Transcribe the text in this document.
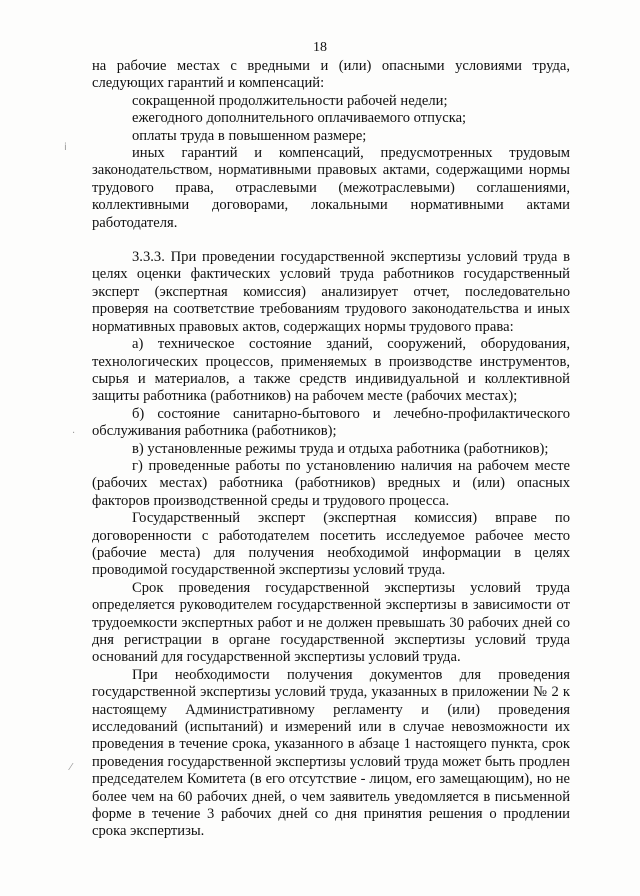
18
ⅰ
·
⁄

на рабочие местах с вредными и (или) опасными условиями труда, следующих гарантий и компенсаций:

сокращенной продолжительности рабочей недели;

ежегодного дополнительного оплачиваемого отпуска;

оплаты труда в повышенном размере;

иных гарантий и компенсаций, предусмотренных трудовым законодательством, нормативными правовых актами, содержащими нормы трудового права, отраслевыми (межотраслевыми) соглашениями, коллективными договорами, локальными нормативными актами работодателя.

3.3.3. При проведении государственной экспертизы условий труда в целях оценки фактических условий труда работников государственный эксперт (экспертная комиссия) анализирует отчет, последовательно проверяя на соответствие требованиям трудового законодательства и иных нормативных правовых актов, содержащих нормы трудового права:

а) техническое состояние зданий, сооружений, оборудования, технологических процессов, применяемых в производстве инструментов, сырья и материалов, а также средств индивидуальной и коллективной защиты работника (работников) на рабочем месте (рабочих местах);

б) состояние санитарно-бытового и лечебно-профилактического обслуживания работника (работников);

в) установленные режимы труда и отдыха работника (работников);

г) проведенные работы по установлению наличия на рабочем месте (рабочих местах) работника (работников) вредных и (или) опасных факторов производственной среды и трудового процесса.

Государственный эксперт (экспертная комиссия) вправе по договоренности с работодателем посетить исследуемое рабочее место (рабочие места) для получения необходимой информации в целях проводимой государственной экспертизы условий труда.

Срок проведения государственной экспертизы условий труда определяется руководителем государственной экспертизы в зависимости от трудоемкости экспертных работ и не должен превышать 30 рабочих дней со дня регистрации в органе государственной экспертизы условий труда оснований для государственной экспертизы условий труда.

При необходимости получения документов для проведения государственной экспертизы условий труда, указанных в приложении № 2 к настоящему Административному регламенту и (или) проведения исследований (испытаний) и измерений или в случае невозможности их проведения в течение срока, указанного в абзаце 1 настоящего пункта, срок проведения государственной экспертизы условий труда может быть продлен председателем Комитета (в его отсутствие - лицом, его замещающим), но не более чем на 60 рабочих дней, о чем заявитель уведомляется в письменной форме в течение 3 рабочих дней со дня принятия решения о продлении срока экспертизы.
